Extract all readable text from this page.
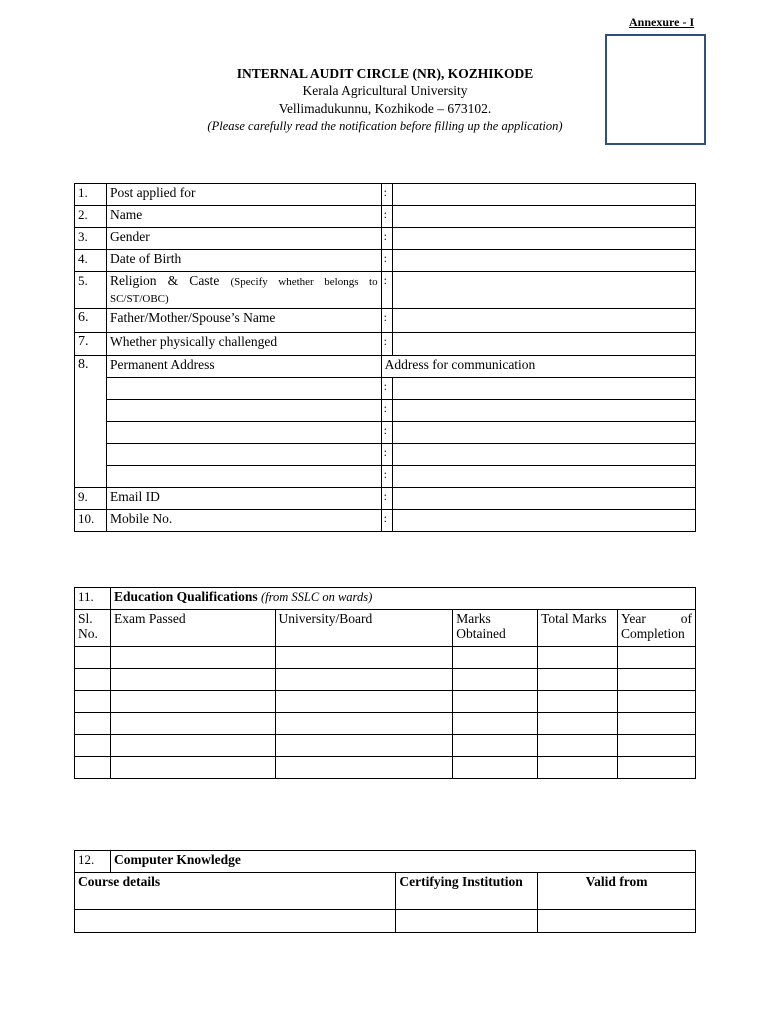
Annexure - I
INTERNAL AUDIT CIRCLE (NR), KOZHIKODE
Kerala Agricultural University
Vellimadukunnu, Kozhikode – 673102.
(Please carefully read the notification before filling up the application)
1.	Post applied for	:	
2.	Name	:	
3.	Gender	:	
4.	Date of Birth	:	
5.	Religion & Caste (Specify whether belongs to SC/ST/OBC)	:	
6.	Father/Mother/Spouse’s Name	:	
7.	Whether physically challenged	:	
8.	Permanent Address	Address for communication	
		:	
		:	
		:	
		:	
		:	
9.	Email ID	:	
10.	Mobile No.	:	
11.	Education Qualifications (from SSLC on wards)				
Sl. No.	Exam Passed	University/Board	Marks Obtained	Total Marks	Year of Completion

12.	Computer Knowledge		
Course details		Certifying Institution	Valid from
